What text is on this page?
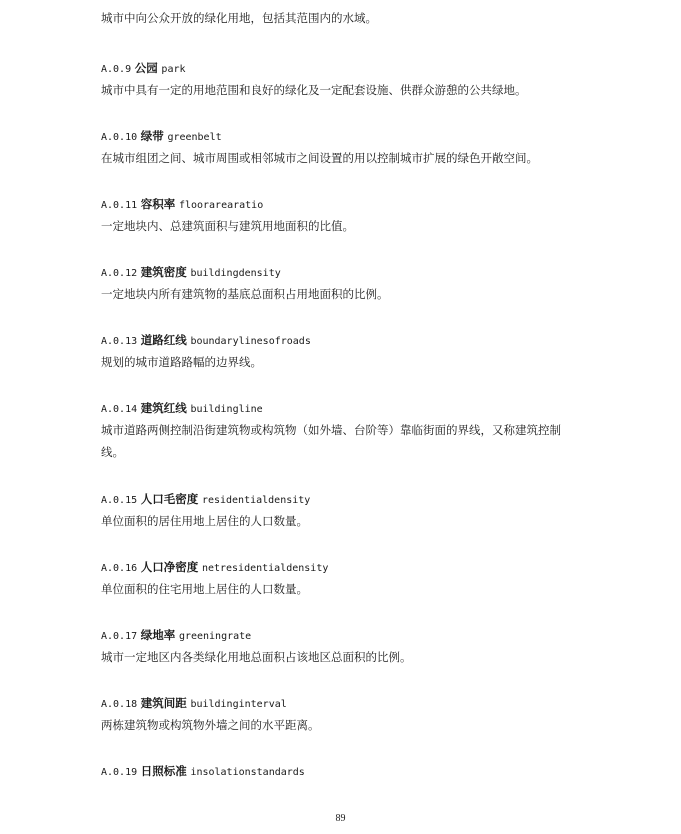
城市中向公众开放的绿化用地，包括其范围内的水域。
A.0.9 公园 park
城市中具有一定的用地范围和良好的绿化及一定配套设施、供群众游憩的公共绿地。
A.0.10 绿带 greenbelt
在城市组团之间、城市周围或相邻城市之间设置的用以控制城市扩展的绿色开敞空间。
A.0.11 容积率 floorarearatio
一定地块内、总建筑面积与建筑用地面积的比值。
A.0.12 建筑密度 buildingdensity
一定地块内所有建筑物的基底总面积占用地面积的比例。
A.0.13 道路红线 boundarylinesofroads
规划的城市道路路幅的边界线。
A.0.14 建筑红线 buildingline
城市道路两侧控制沿街建筑物或构筑物（如外墙、台阶等）靠临街面的界线，又称建筑控制线。
A.0.15 人口毛密度 residentialdensity
单位面积的居住用地上居住的人口数量。
A.0.16 人口净密度 netresidentialdensity
单位面积的住宅用地上居住的人口数量。
A.0.17 绿地率 greeningrate
城市一定地区内各类绿化用地总面积占该地区总面积的比例。
A.0.18 建筑间距 buildinginterval
两栋建筑物或构筑物外墙之间的水平距离。
A.0.19 日照标准 insolationstandards
89
